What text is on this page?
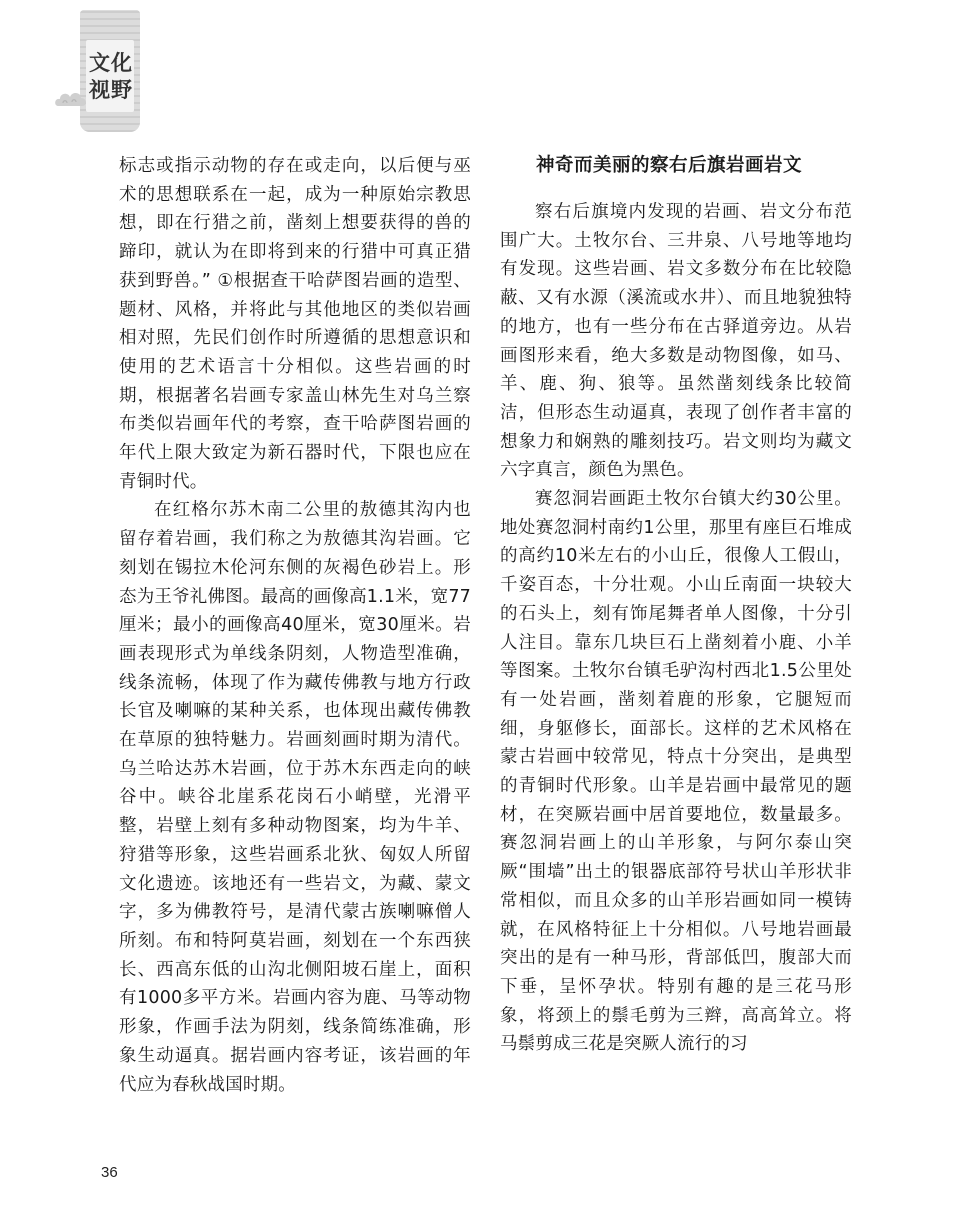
文化视野

标志或指示动物的存在或走向，以后便与巫术的思想联系在一起，成为一种原始宗教思想，即在行猎之前，凿刻上想要获得的兽的蹄印，就认为在即将到来的行猎中可真正猎获到野兽。” ①根据查干哈萨图岩画的造型、题材、风格，并将此与其他地区的类似岩画相对照，先民们创作时所遵循的思想意识和使用的艺术语言十分相似。这些岩画的时期，根据著名岩画专家盖山林先生对乌兰察布类似岩画年代的考察，查干哈萨图岩画的年代上限大致定为新石器时代，下限也应在青铜时代。

在红格尔苏木南二公里的敖德其沟内也留存着岩画，我们称之为敖德其沟岩画。它刻划在锡拉木伦河东侧的灰褐色砂岩上。形态为王爷礼佛图。最高的画像高1.1米，宽77厘米；最小的画像高40厘米，宽30厘米。岩画表现形式为单线条阴刻，人物造型准确，线条流畅，体现了作为藏传佛教与地方行政长官及喇嘛的某种关系，也体现出藏传佛教在草原的独特魅力。岩画刻画时期为清代。乌兰哈达苏木岩画，位于苏木东西走向的峡谷中。峡谷北崖系花岗石小峭壁，光滑平整，岩壁上刻有多种动物图案，均为牛羊、狩猎等形象，这些岩画系北狄、匈奴人所留文化遗迹。该地还有一些岩文，为藏、蒙文字，多为佛教符号，是清代蒙古族喇嘛僧人所刻。布和特阿莫岩画，刻划在一个东西狭长、西高东低的山沟北侧阳坡石崖上，面积有1000多平方米。岩画内容为鹿、马等动物形象，作画手法为阴刻，线条简练准确，形象生动逼真。据岩画内容考证，该岩画的年代应为春秋战国时期。

神奇而美丽的察右后旗岩画岩文

察右后旗境内发现的岩画、岩文分布范围广大。土牧尔台、三井泉、八号地等地均有发现。这些岩画、岩文多数分布在比较隐蔽、又有水源（溪流或水井）、而且地貌独特的地方，也有一些分布在古驿道旁边。从岩画图形来看，绝大多数是动物图像，如马、羊、鹿、狗、狼等。虽然凿刻线条比较简洁，但形态生动逼真，表现了创作者丰富的想象力和娴熟的雕刻技巧。岩文则均为藏文六字真言，颜色为黑色。

赛忽洞岩画距土牧尔台镇大约30公里。地处赛忽洞村南约1公里，那里有座巨石堆成的高约10米左右的小山丘，很像人工假山，千姿百态，十分壮观。小山丘南面一块较大的石头上，刻有饰尾舞者单人图像，十分引人注目。靠东几块巨石上凿刻着小鹿、小羊等图案。土牧尔台镇毛驴沟村西北1.5公里处有一处岩画，凿刻着鹿的形象，它腿短而细，身躯修长，面部长。这样的艺术风格在蒙古岩画中较常见，特点十分突出，是典型的青铜时代形象。山羊是岩画中最常见的题材，在突厥岩画中居首要地位，数量最多。赛忽洞岩画上的山羊形象，与阿尔泰山突厥“围墙”出土的银器底部符号状山羊形状非常相似，而且众多的山羊形岩画如同一模铸就，在风格特征上十分相似。八号地岩画最突出的是有一种马形，背部低凹，腹部大而下垂，呈怀孕状。特别有趣的是三花马形象，将颈上的鬃毛剪为三辫，高高耸立。将马鬃剪成三花是突厥人流行的习

36
